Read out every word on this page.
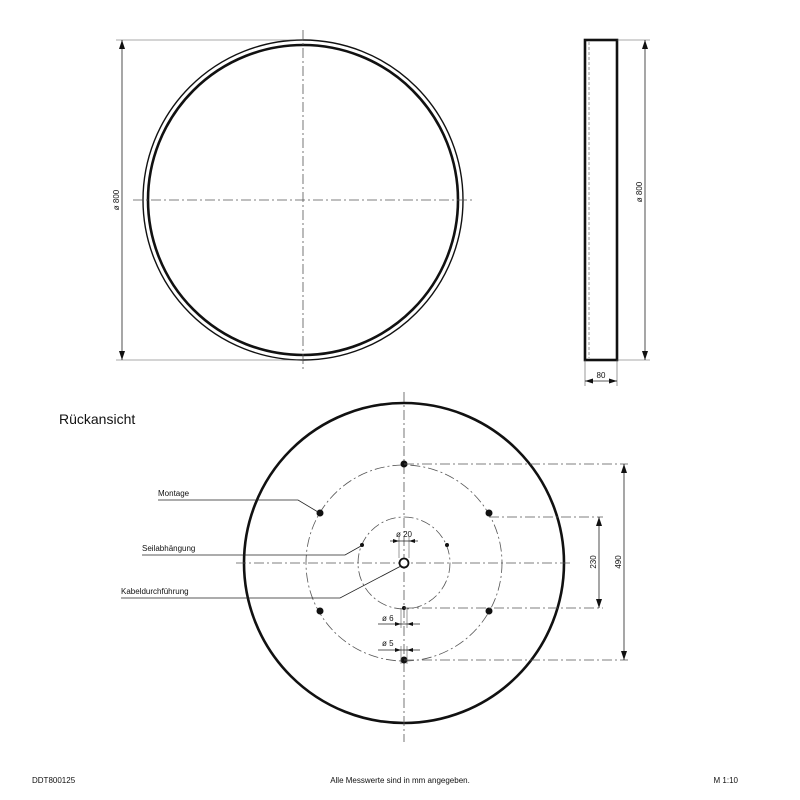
ø 800	ø 800
80
Rückansicht
490
230
ø 20
ø 6
ø 5
Montage
Seilabhängung
Kabeldurchführung
DDT800125	Alle Messwerte sind in mm angegeben.	M 1:10
